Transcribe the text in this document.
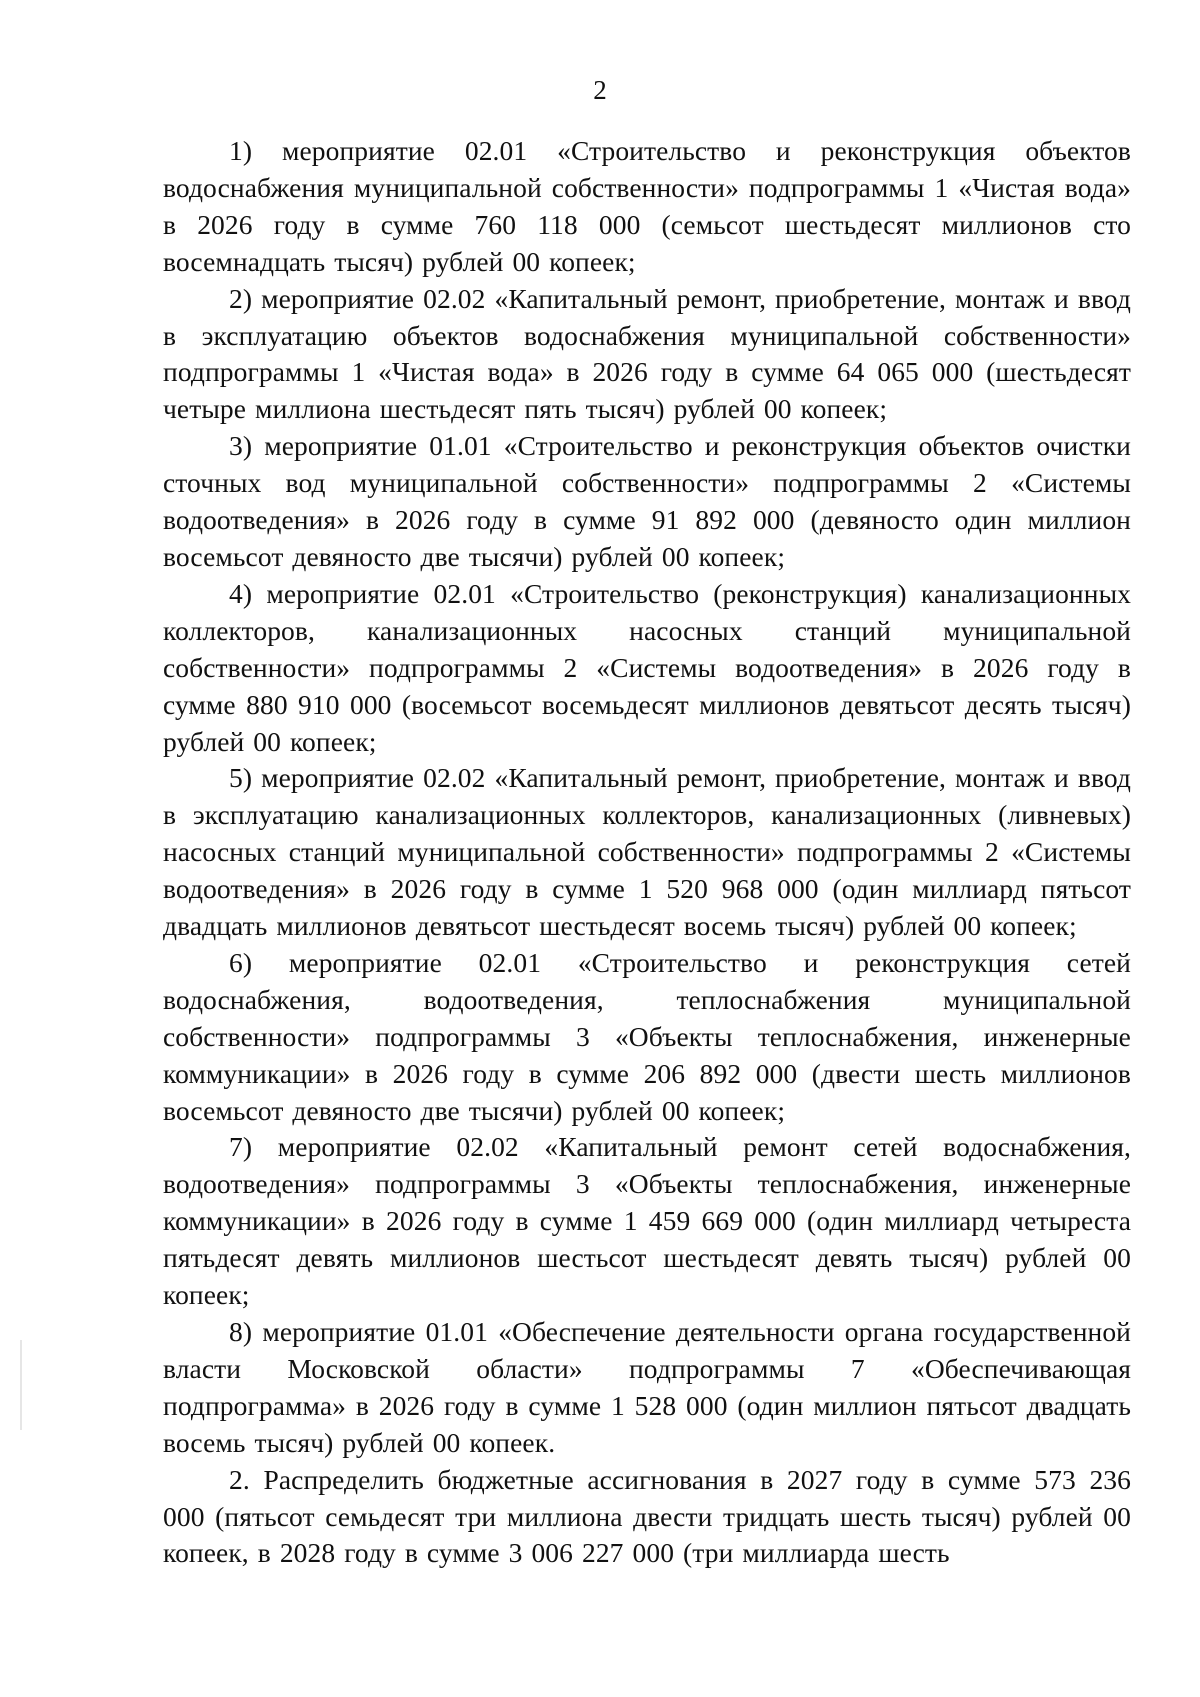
2

1) мероприятие 02.01 «Строительство и реконструкция объектов водоснабжения муниципальной собственности» подпрограммы 1 «Чистая вода» в 2026 году в сумме 760 118 000 (семьсот шестьдесят миллионов сто восемнадцать тысяч) рублей 00 копеек;

2) мероприятие 02.02 «Капитальный ремонт, приобретение, монтаж и ввод в эксплуатацию объектов водоснабжения муниципальной собственности» подпрограммы 1 «Чистая вода» в 2026 году в сумме 64 065 000 (шестьдесят четыре миллиона шестьдесят пять тысяч) рублей 00 копеек;

3) мероприятие 01.01 «Строительство и реконструкция объектов очистки сточных вод муниципальной собственности» подпрограммы 2 «Системы водоотведения» в 2026 году в сумме 91 892 000 (девяносто один миллион восемьсот девяносто две тысячи) рублей 00 копеек;

4) мероприятие 02.01 «Строительство (реконструкция) канализационных коллекторов, канализационных насосных станций муниципальной собственности» подпрограммы 2 «Системы водоотведения» в 2026 году в сумме 880 910 000 (восемьсот восемьдесят миллионов девятьсот десять тысяч) рублей 00 копеек;

5) мероприятие 02.02 «Капитальный ремонт, приобретение, монтаж и ввод в эксплуатацию канализационных коллекторов, канализационных (ливневых) насосных станций муниципальной собственности» подпрограммы 2 «Системы водоотведения» в 2026 году в сумме 1 520 968 000 (один миллиард пятьсот двадцать миллионов девятьсот шестьдесят восемь тысяч) рублей 00 копеек;

6) мероприятие 02.01 «Строительство и реконструкция сетей водоснабжения, водоотведения, теплоснабжения муниципальной собственности» подпрограммы 3 «Объекты теплоснабжения, инженерные коммуникации» в 2026 году в сумме 206 892 000 (двести шесть миллионов восемьсот девяносто две тысячи) рублей 00 копеек;

7) мероприятие 02.02 «Капитальный ремонт сетей водоснабжения, водоотведения» подпрограммы 3 «Объекты теплоснабжения, инженерные коммуникации» в 2026 году в сумме 1 459 669 000 (один миллиард четыреста пятьдесят девять миллионов шестьсот шестьдесят девять тысяч) рублей 00 копеек;

8) мероприятие 01.01 «Обеспечение деятельности органа государственной власти Московской области» подпрограммы 7 «Обеспечивающая подпрограмма» в 2026 году в сумме 1 528 000 (один миллион пятьсот двадцать восемь тысяч) рублей 00 копеек.

2. Распределить бюджетные ассигнования в 2027 году в сумме 573 236 000 (пятьсот семьдесят три миллиона двести тридцать шесть тысяч) рублей 00 копеек, в 2028 году в сумме 3 006 227 000 (три миллиарда шесть
